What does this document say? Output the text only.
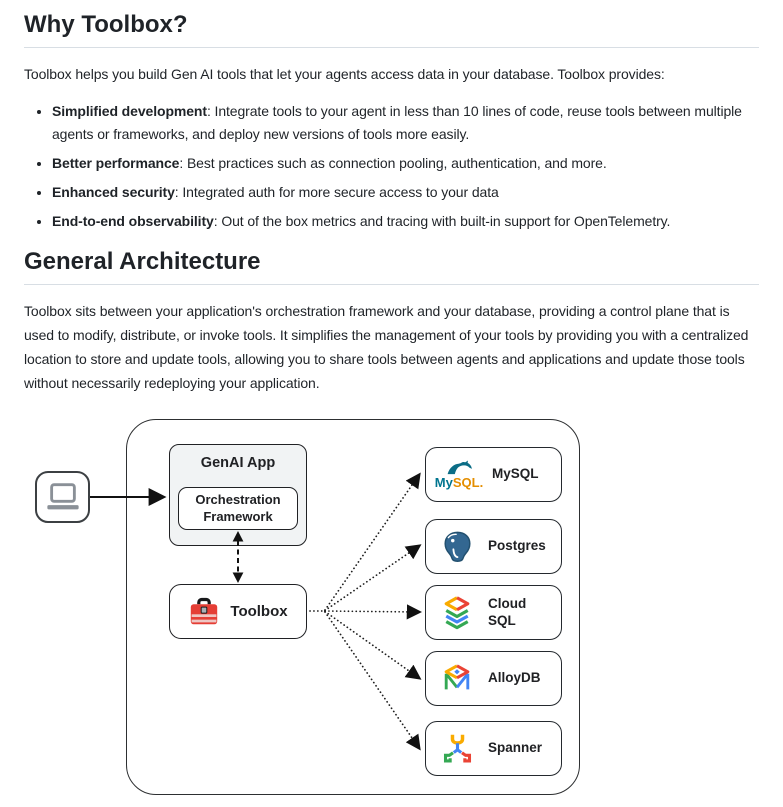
Why Toolbox?

Toolbox helps you build Gen AI tools that let your agents access data in your database. Toolbox provides:

• Simplified development: Integrate tools to your agent in less than 10 lines of code, reuse tools between multiple agents or frameworks, and deploy new versions of tools more easily.
• Better performance: Best practices such as connection pooling, authentication, and more.
• Enhanced security: Integrated auth for more secure access to your data
• End-to-end observability: Out of the box metrics and tracing with built-in support for OpenTelemetry.
General Architecture

Toolbox sits between your application's orchestration framework and your database, providing a control plane that is used to modify, distribute, or invoke tools. It simplifies the management of your tools by providing you with a centralized location to store and update tools, allowing you to share tools between agents and applications and update those tools without necessarily redeploying your application.

GenAI App
Orchestration Framework
Toolbox
MySQL.
MySQL
Postgres
Cloud SQL
AlloyDB
Spanner
